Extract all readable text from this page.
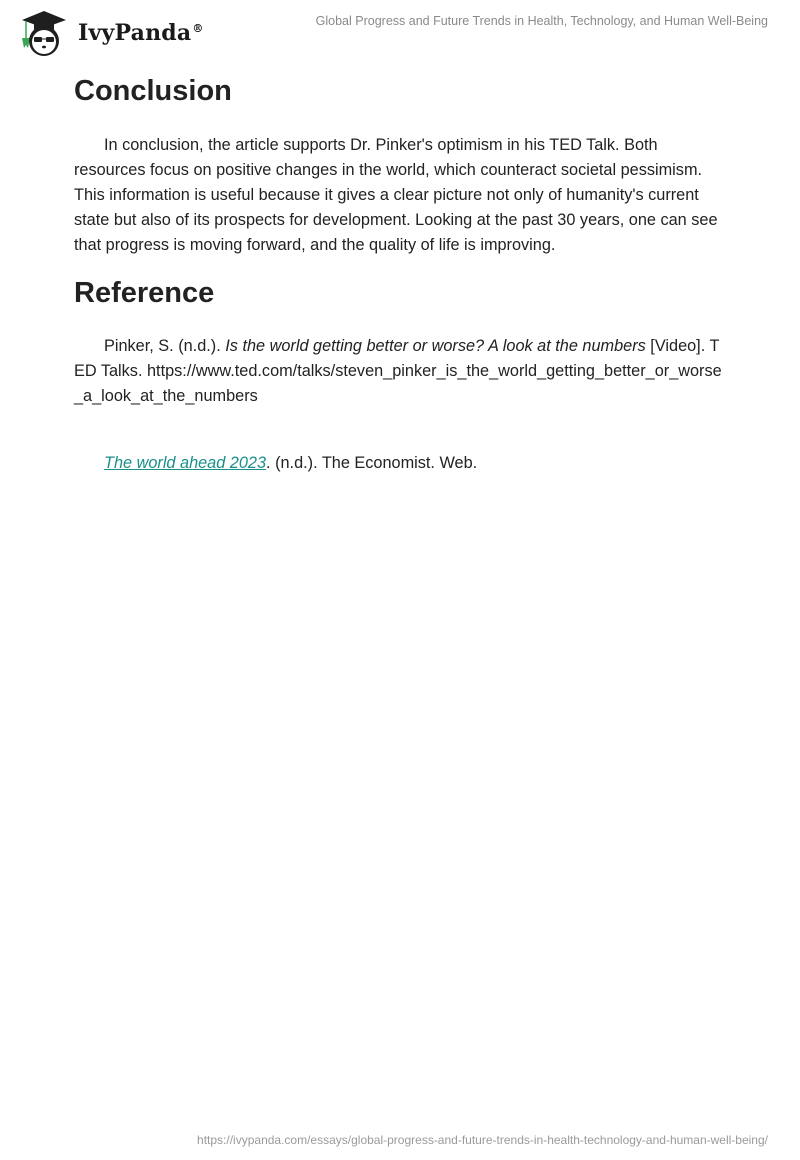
IvyPanda®
Global Progress and Future Trends in Health, Technology, and Human Well-Being
Conclusion

In conclusion, the article supports Dr. Pinker's optimism in his TED Talk. Both resources focus on positive changes in the world, which counteract societal pessimism. This information is useful because it gives a clear picture not only of humanity's current state but also of its prospects for development. Looking at the past 30 years, one can see that progress is moving forward, and the quality of life is improving.

Reference

Pinker, S. (n.d.). Is the world getting better or worse? A look at the numbers [Video]. TED Talks. https://www.ted.com/talks/steven_pinker_is_the_world_getting_better_or_worse_a_look_at_the_numbers

The world ahead 2023. (n.d.). The Economist. Web.

https://ivypanda.com/essays/global-progress-and-future-trends-in-health-technology-and-human-well-being/
